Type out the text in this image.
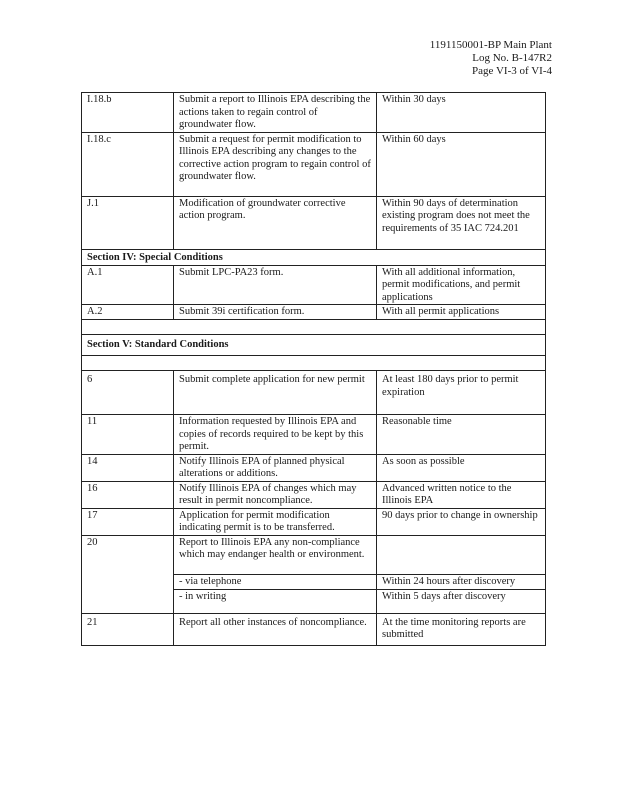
1191150001-BP Main Plant
Log No. B-147R2
Page VI-3 of VI-4
I.18.b	Submit a report to Illinois EPA describing the actions taken to regain control of groundwater flow.	Within 30 days
I.18.c	Submit a request for permit modification to Illinois EPA describing any changes to the corrective action program to regain control of groundwater flow.	Within 60 days
J.1	Modification of groundwater corrective action program.	Within 90 days of determination existing program does not meet the requirements of 35 IAC 724.201
Section IV: Special Conditions		
A.1	Submit LPC-PA23 form.	With all additional information, permit modifications, and permit applications
A.2	Submit 39i certification form.	With all permit applications

Section V: Standard Conditions		

6	Submit complete application for new permit	At least 180 days prior to permit expiration
11	Information requested by Illinois EPA and copies of records required to be kept by this permit.	Reasonable time
14	Notify Illinois EPA of planned physical alterations or additions.	As soon as possible
16	Notify Illinois EPA of changes which may result in permit noncompliance.	Advanced written notice to the Illinois EPA
17	Application for permit modification indicating permit is to be transferred.	90 days prior to change in ownership
20	Report to Illinois EPA any non-compliance which may endanger health or environment.	
	- via telephone	Within 24 hours after discovery
	- in writing	Within 5 days after discovery
21	Report all other instances of noncompliance.	At the time monitoring reports are submitted
